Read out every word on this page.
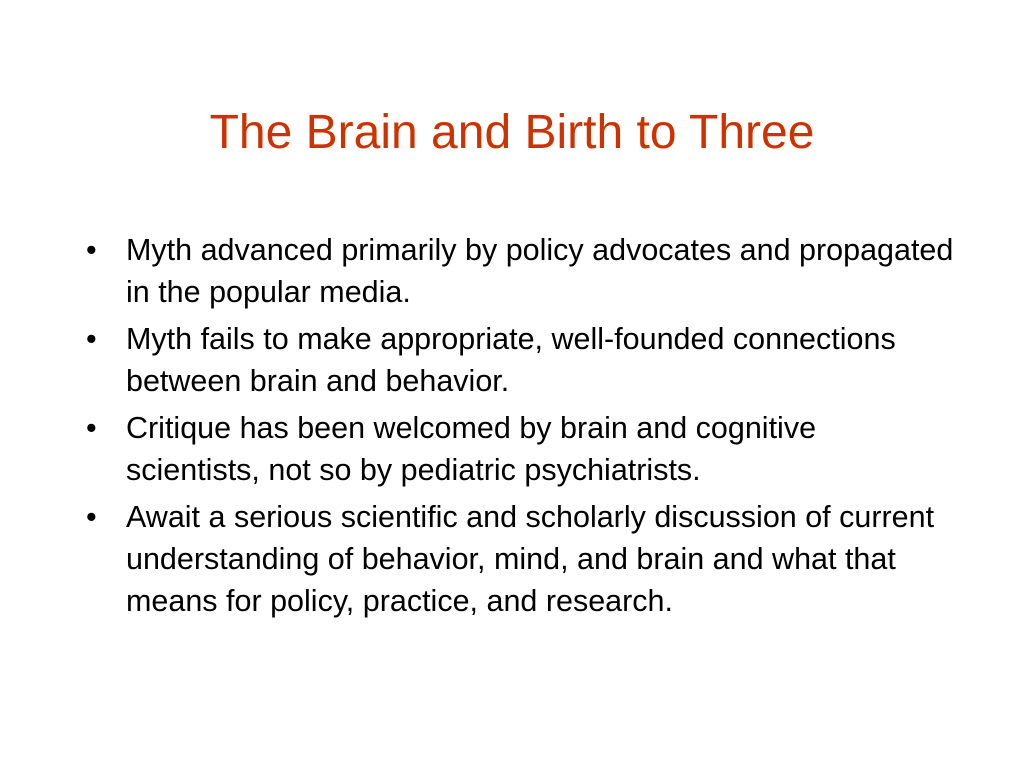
The Brain and Birth to Three
• Myth advanced primarily by policy advocates and propagated in the popular media.
• Myth fails to make appropriate, well-founded connections between brain and behavior.
• Critique has been welcomed by brain and cognitive scientists, not so by pediatric psychiatrists.
• Await a serious scientific and scholarly discussion of current understanding of behavior, mind, and brain and what that means for policy, practice, and research.
